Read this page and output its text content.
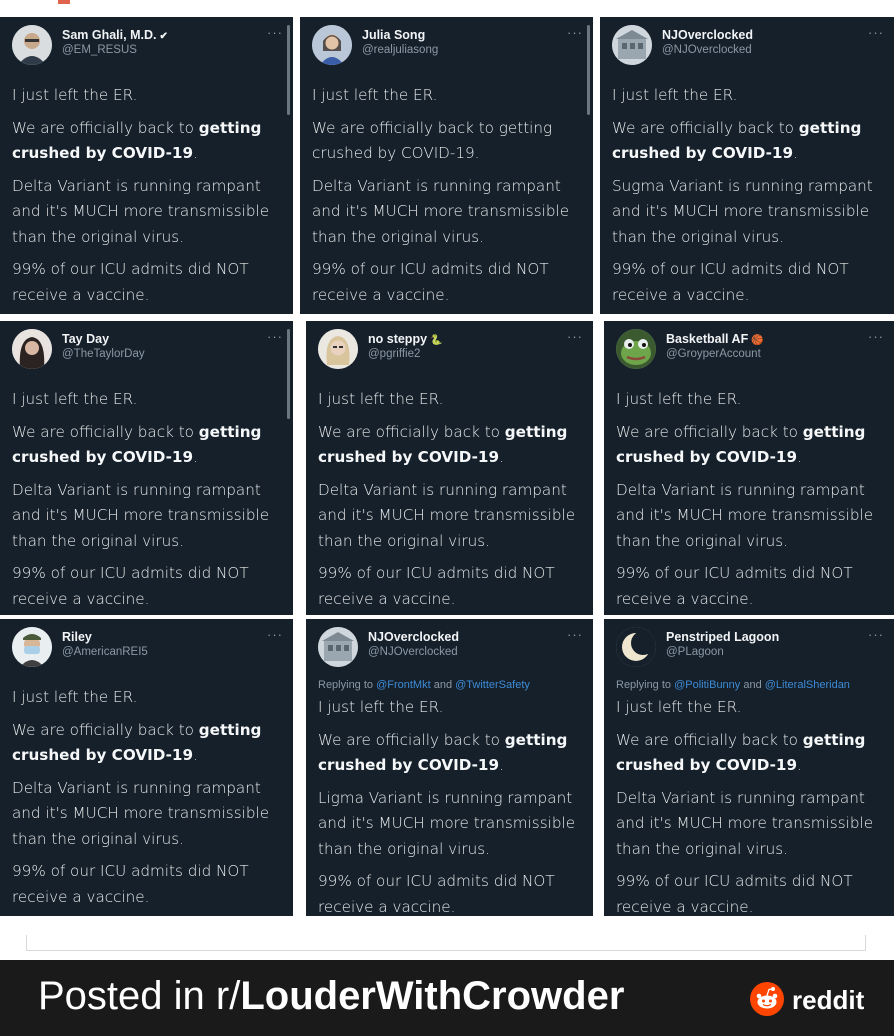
Sam Ghali, M.D. ✔
@EM_RESUS
···

I just left the ER.

We are officially back to getting crushed by COVID-19.

Delta Variant is running rampant and it's MUCH more transmissible than the original virus.

99% of our ICU admits did NOT receive a vaccine.

Julia Song
@realjuliasong
···

I just left the ER.

We are officially back to getting crushed by COVID-19.

Delta Variant is running rampant and it's MUCH more transmissible than the original virus.

99% of our ICU admits did NOT receive a vaccine.

NJOverclocked
@NJOverclocked
···

I just left the ER.

We are officially back to getting crushed by COVID-19.

Sugma Variant is running rampant and it's MUCH more transmissible than the original virus.

99% of our ICU admits did NOT receive a vaccine.

Tay Day
@TheTaylorDay
···

I just left the ER.

We are officially back to getting crushed by COVID-19.

Delta Variant is running rampant and it's MUCH more transmissible than the original virus.

99% of our ICU admits did NOT receive a vaccine.

no steppy 🐍
@pgriffie2
···

I just left the ER.

We are officially back to getting crushed by COVID-19.

Delta Variant is running rampant and it's MUCH more transmissible than the original virus.

99% of our ICU admits did NOT receive a vaccine.

Basketball AF 🏀
@GroyperAccount
···

I just left the ER.

We are officially back to getting crushed by COVID-19.

Delta Variant is running rampant and it's MUCH more transmissible than the original virus.

99% of our ICU admits did NOT receive a vaccine.

Riley
@AmericanREI5
···

I just left the ER.

We are officially back to getting crushed by COVID-19.

Delta Variant is running rampant and it's MUCH more transmissible than the original virus.

99% of our ICU admits did NOT receive a vaccine.

NJOverclocked
@NJOverclocked
···
Replying to @FrontMkt and @TwitterSafety

I just left the ER.

We are officially back to getting crushed by COVID-19.

Ligma Variant is running rampant and it's MUCH more transmissible than the original virus.

99% of our ICU admits did NOT receive a vaccine.

Penstriped Lagoon
@PLagoon
···
Replying to @PolitiBunny and @LiteralSheridan

I just left the ER.

We are officially back to getting crushed by COVID-19.

Delta Variant is running rampant and it's MUCH more transmissible than the original virus.

99% of our ICU admits did NOT receive a vaccine.

Posted in r/LouderWithCrowder	reddit
